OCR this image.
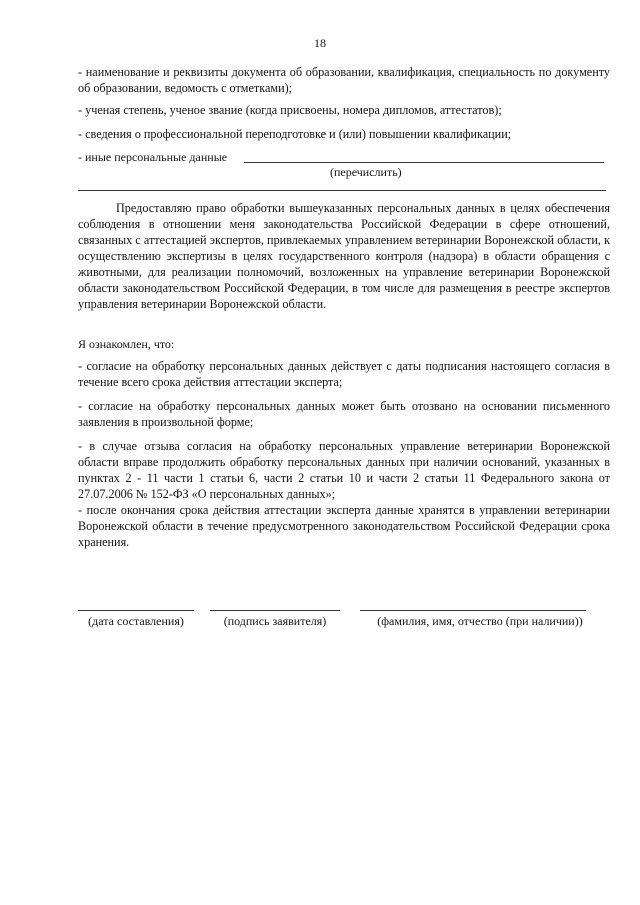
18

- наименование и реквизиты документа об образовании, квалификация, специальность по документу об образовании, ведомость с отметками);

- ученая степень, ученое звание (когда присвоены, номера дипломов, аттестатов);

- сведения о профессиональной переподготовке и (или) повышении квалификации;

- иные персональные данные
(перечислить)

Предоставляю право обработки вышеуказанных персональных данных в целях обеспечения соблюдения в отношении меня законодательства Российской Федерации в сфере отношений, связанных с аттестацией экспертов, привлекаемых управлением ветеринарии Воронежской области, к осуществлению экспертизы в целях государственного контроля (надзора) в области обращения с животными, для реализации полномочий, возложенных на управление ветеринарии Воронежской области законодательством Российской Федерации, в том числе для размещения в реестре экспертов управления ветеринарии Воронежской области.

Я ознакомлен, что:

- согласие на обработку персональных данных действует с даты подписания настоящего согласия в течение всего срока действия аттестации эксперта;

- согласие на обработку персональных данных может быть отозвано на основании письменного заявления в произвольной форме;

- в случае отзыва согласия на обработку персональных управление ветеринарии Воронежской области вправе продолжить обработку персональных данных при наличии оснований, указанных в пунктах 2 - 11 части 1 статьи 6, части 2 статьи 10 и части 2 статьи 11 Федерального закона от 27.07.2006 № 152-ФЗ «О персональных данных»;

- после окончания срока действия аттестации эксперта данные хранятся в управлении ветеринарии Воронежской области в течение предусмотренного законодательством Российской Федерации срока хранения.

(дата составления)	(подпись заявителя)	(фамилия, имя, отчество (при наличии))
